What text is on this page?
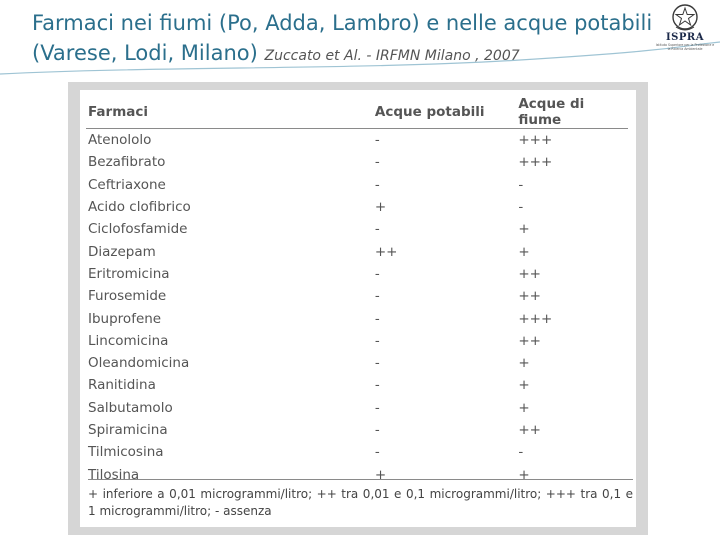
Farmaci nei fiumi (Po, Adda, Lambro) e nelle acque potabili (Varese, Lodi, Milano) Zuccato et Al. - IRFMN Milano , 2007
ISPRA
Istituto Superiore per la Protezione e la Ricerca Ambientale
Farmaci	Acque potabili	Acque di fiume
Atenololo	-	+++
Bezafibrato	-	+++
Ceftriaxone	-	-
Acido clofibrico	+	-
Ciclofosfamide	-	+
Diazepam	++	+
Eritromicina	-	++
Furosemide	-	++
Ibuprofene	-	+++
Lincomicina	-	++
Oleandomicina	-	+
Ranitidina	-	+
Salbutamolo	-	+
Spiramicina	-	++
Tilmicosina	-	-
Tilosina	+	+
+ inferiore a 0,01 microgrammi/litro; ++ tra 0,01 e 0,1 microgrammi/litro; +++ tra 0,1 e 1 microgrammi/litro; - assenza
